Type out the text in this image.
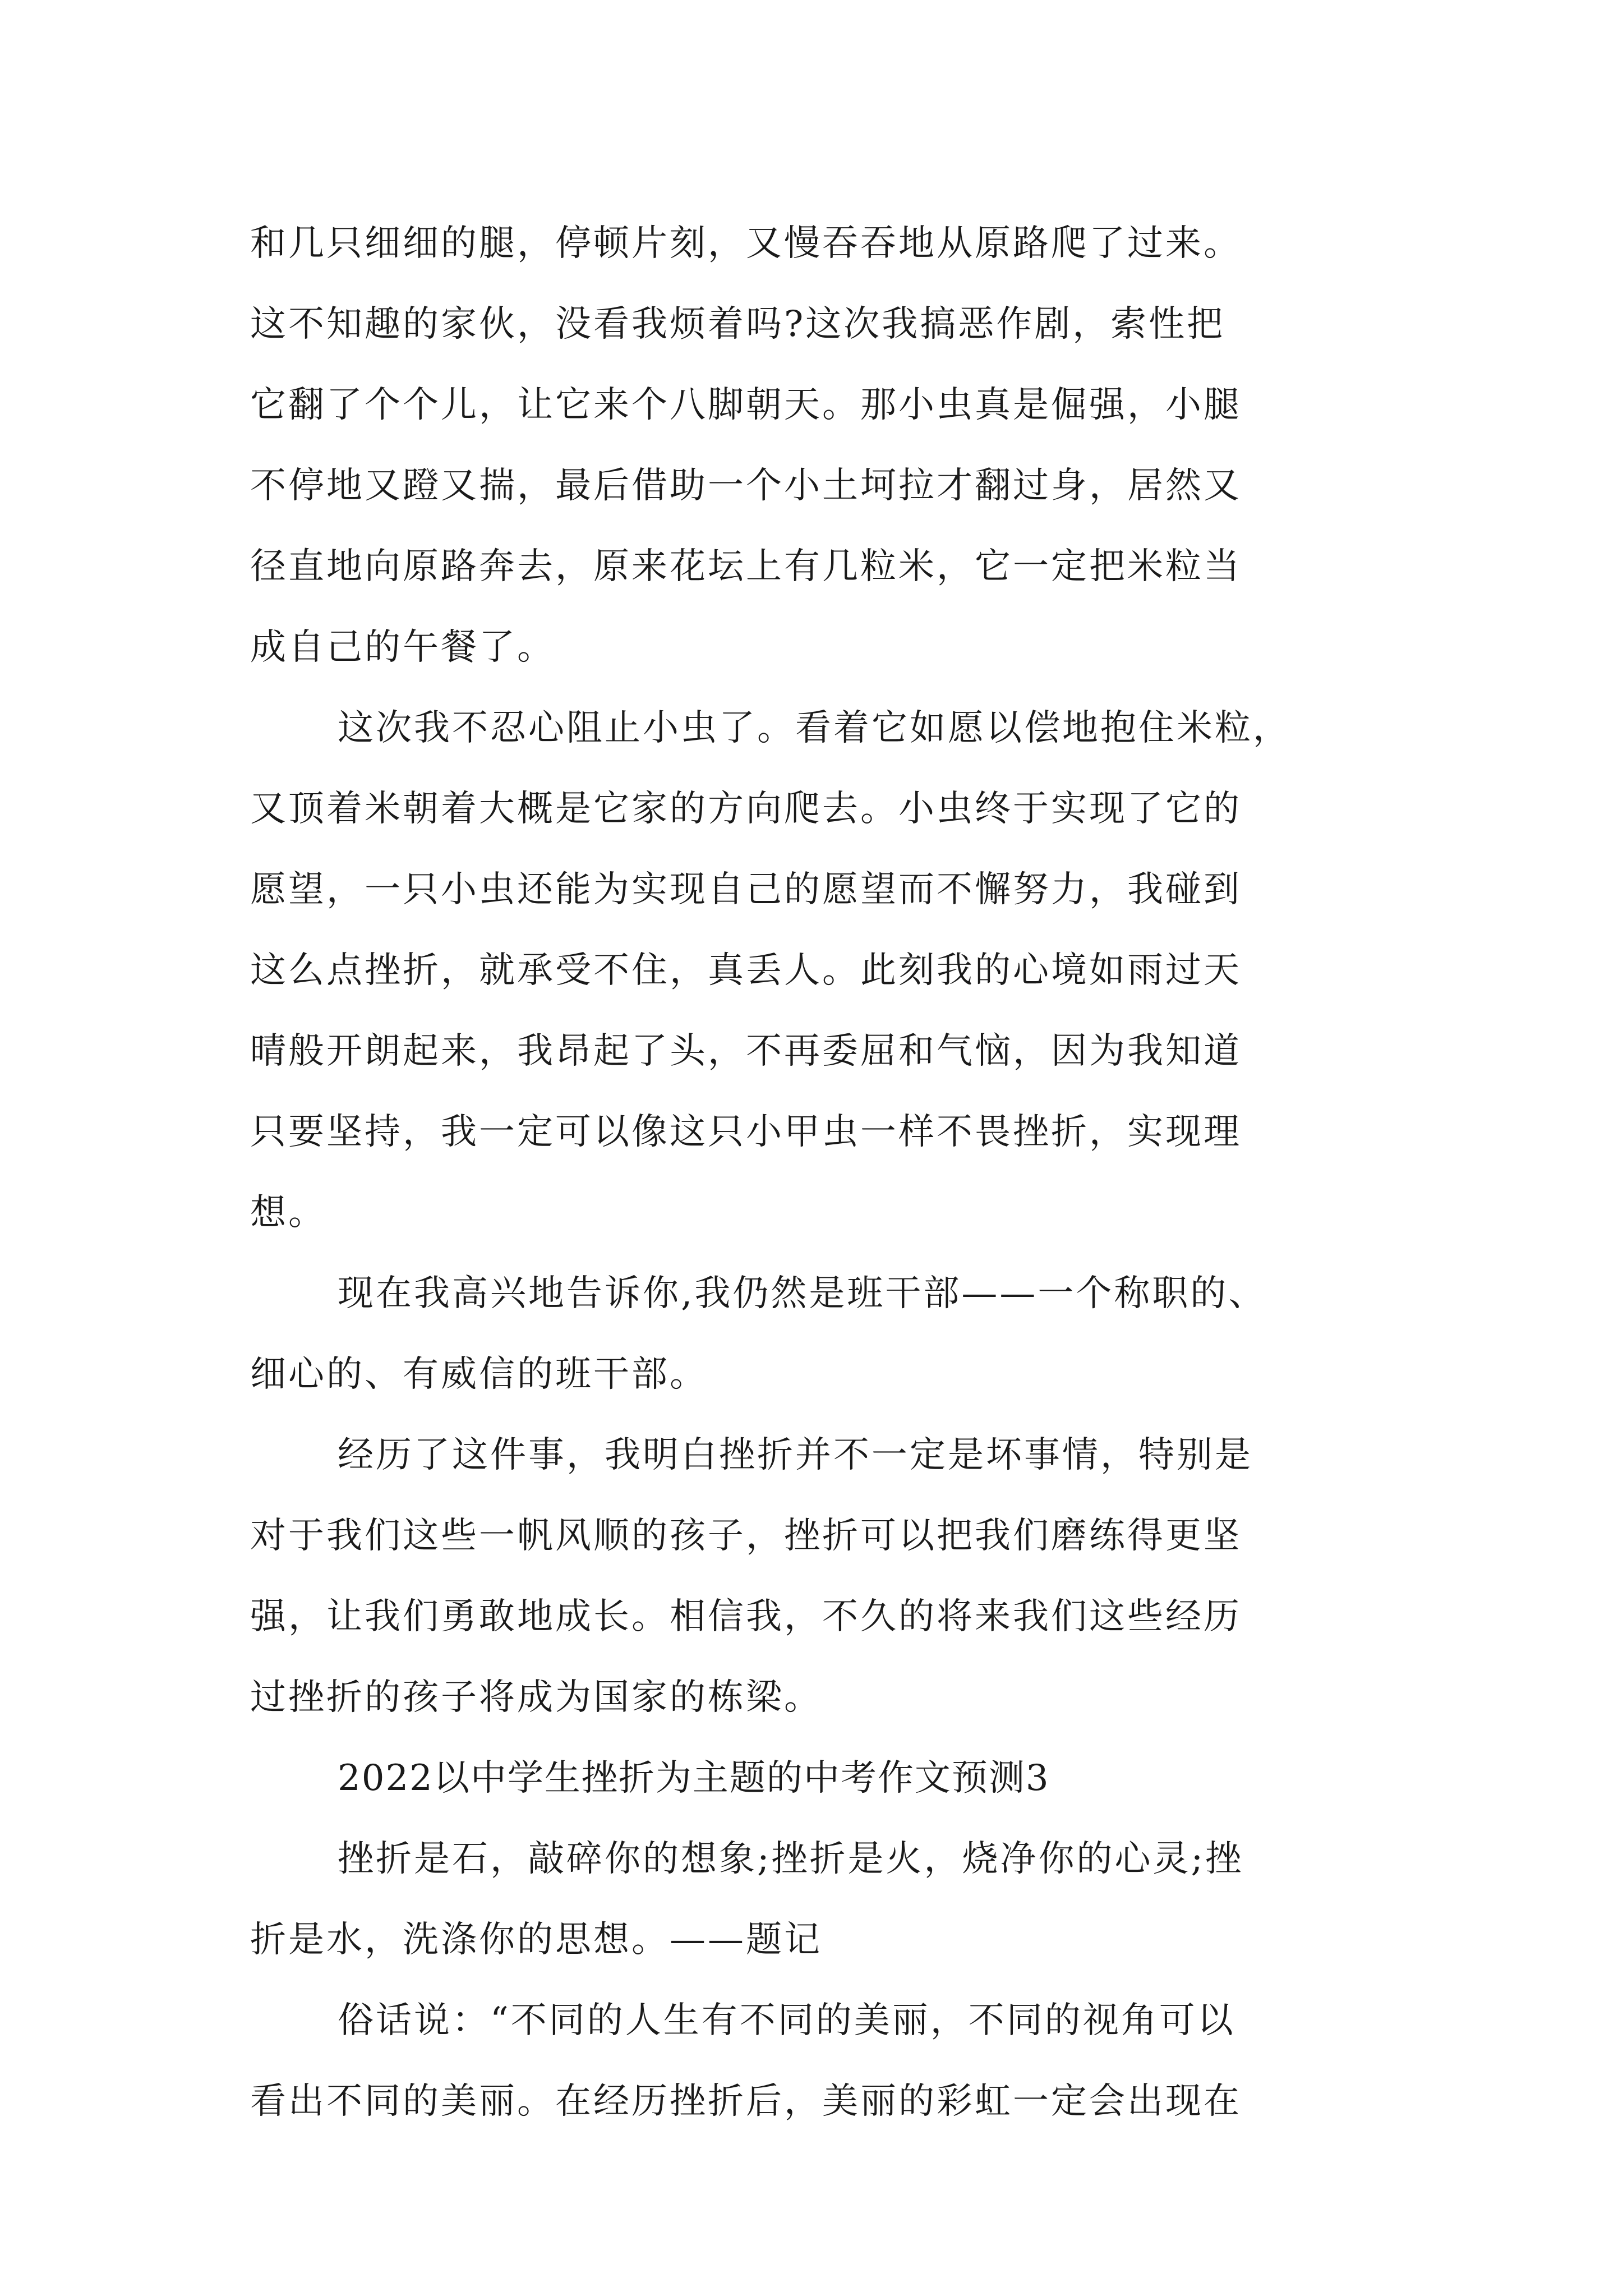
和几只细细的腿，停顿片刻，又慢吞吞地从原路爬了过来。
这不知趣的家伙，没看我烦着吗?这次我搞恶作剧，索性把
它翻了个个儿，让它来个八脚朝天。那小虫真是倔强，小腿
不停地又蹬又揣，最后借助一个小土坷拉才翻过身，居然又
径直地向原路奔去，原来花坛上有几粒米，它一定把米粒当
成自己的午餐了。
这次我不忍心阻止小虫了。看着它如愿以偿地抱住米粒，
又顶着米朝着大概是它家的方向爬去。小虫终于实现了它的
愿望，一只小虫还能为实现自己的愿望而不懈努力，我碰到
这么点挫折，就承受不住，真丢人。此刻我的心境如雨过天
晴般开朗起来，我昂起了头，不再委屈和气恼，因为我知道
只要坚持，我一定可以像这只小甲虫一样不畏挫折，实现理
想。
现在我高兴地告诉你,我仍然是班干部——一个称职的、
细心的、有威信的班干部。
经历了这件事，我明白挫折并不一定是坏事情，特别是
对于我们这些一帆风顺的孩子，挫折可以把我们磨练得更坚
强，让我们勇敢地成长。相信我，不久的将来我们这些经历
过挫折的孩子将成为国家的栋梁。
2022以中学生挫折为主题的中考作文预测3
挫折是石，敲碎你的想象;挫折是火，烧净你的心灵;挫
折是水，洗涤你的思想。——题记
俗话说：“不同的人生有不同的美丽，不同的视角可以
看出不同的美丽。在经历挫折后，美丽的彩虹一定会出现在
